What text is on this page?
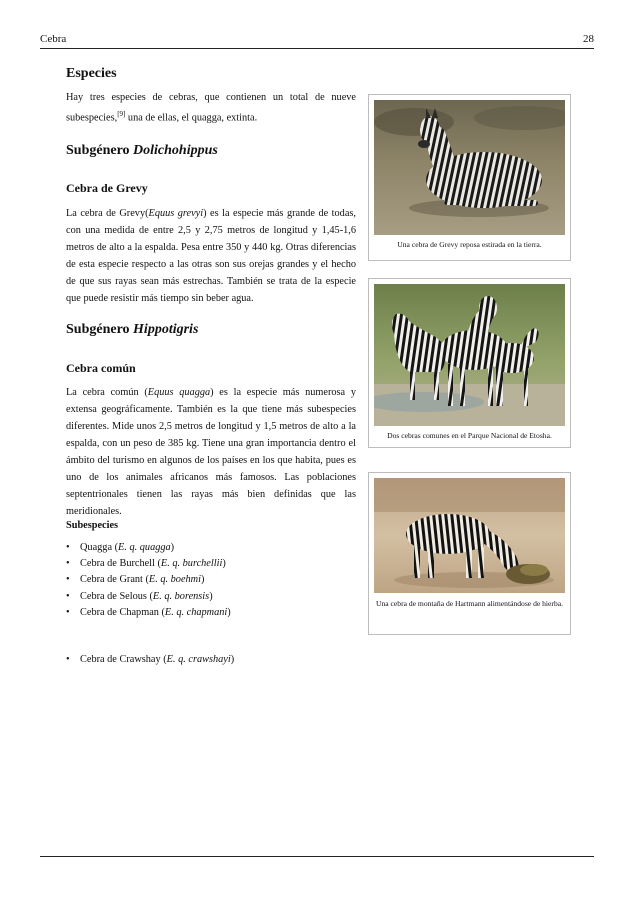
Cebra	28
Especies

Hay tres especies de cebras, que contienen un total de nueve subespecies,[9] una de ellas, el quagga, extinta.

Subgénero Dolichohippus
Cebra de Grevy

La cebra de Grevy(Equus grevyi) es la especie más grande de todas, con una medida de entre 2,5 y 2,75 metros de longitud y 1,45-1,6 metros de alto a la espalda. Pesa entre 350 y 440 kg. Otras diferencias de esta especie respecto a las otras son sus orejas grandes y el hecho de que sus rayas sean más estrechas. También se trata de la especie que puede resistir más tiempo sin beber agua.

Subgénero Hippotigris
Cebra común

La cebra común (Equus quagga) es la especie más numerosa y extensa geográficamente. También es la que tiene más subespecies diferentes. Mide unos 2,5 metros de longitud y 1,5 metros de alto a la espalda, con un peso de 385 kg. Tiene una gran importancia dentro el ámbito del turismo en algunos de los países en los que habita, pues es uno de los animales africanos más famosos. Las poblaciones septentrionales tienen las rayas más bien definidas que las meridionales.

Subespecies
• Quagga (E. q. quagga)
• Cebra de Burchell (E. q. burchellii)
• Cebra de Grant (E. q. boehmi)
• Cebra de Selous (E. q. borensis)
• Cebra de Chapman (E. q. chapmani)
• Cebra de Crawshay (E. q. crawshayi)
Una cebra de Grevy reposa estirada en la tierra.
Dos cebras comunes en el Parque Nacional de Etosha.
Una cebra de montaña de Hartmann alimentándose de hierba.
